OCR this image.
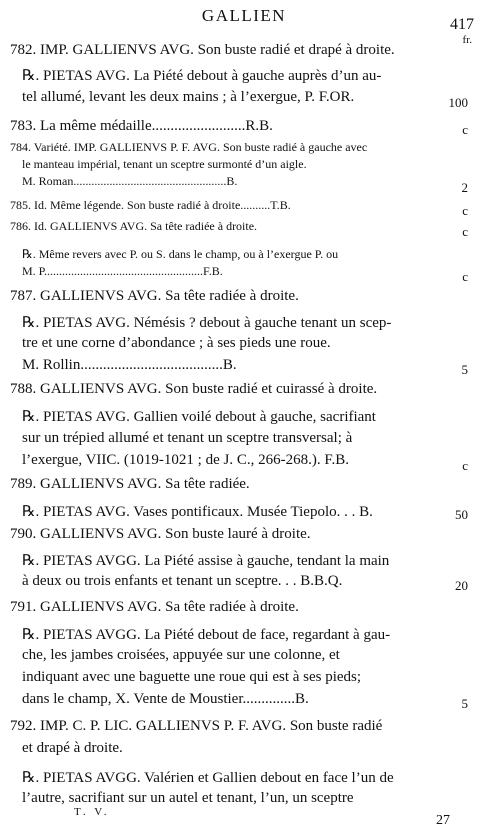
GALLIEN	417
fr.
782. IMP. GALLIENVS AVG. Son buste radié et drapé à droite.
℞. PIETAS AVG. La Piété debout à gauche auprès d’un au-
tel allumé, levant les deux mains ; à l’exergue, P. F.OR.
783. La même médaille.........................R.B.
784. Variété. IMP. GALLIENVS P. F. AVG. Son buste radié à gauche avec
le manteau impérial, tenant un sceptre surmonté d’un aigle.
M. Roman...................................................B.
785. Id. Même légende. Son buste radié à droite..........T.B.
786. Id. GALLIENVS AVG. Sa tête radiée à droite.
℞. Même revers avec P. ou S. dans le champ, ou à l’exergue P. ou
M. P.....................................................F.B.
787. GALLIENVS AVG. Sa tête radiée à droite.
℞. PIETAS AVG. Némésis ? debout à gauche tenant un scep-
tre et une corne d’abondance ; à ses pieds une roue.
M. Rollin......................................B.
788. GALLIENVS AVG. Son buste radié et cuirassé à droite.
℞. PIETAS AVG. Gallien voilé debout à gauche, sacrifiant
sur un trépied allumé et tenant un sceptre transversal; à
l’exergue, VIIC. (1019-1021 ; de J. C., 266-268.). F.B.
789. GALLIENVS AVG. Sa tête radiée.
℞. PIETAS AVG. Vases pontificaux. Musée Tiepolo. . . B.
790. GALLIENVS AVG. Son buste lauré à droite.
℞. PIETAS AVGG. La Piété assise à gauche, tendant la main
à deux ou trois enfants et tenant un sceptre. . . B.B.Q.
791. GALLIENVS AVG. Sa tête radiée à droite.
℞. PIETAS AVGG. La Piété debout de face, regardant à gau-
che, les jambes croisées, appuyée sur une colonne, et
indiquant avec une baguette une roue qui est à ses pieds;
dans le champ, X. Vente de Moustier..............B.
792. IMP. C. P. LIC. GALLIENVS P. F. AVG. Son buste radié
et drapé à droite.
℞. PIETAS AVGG. Valérien et Gallien debout en face l’un de
l’autre, sacrifiant sur un autel et tenant, l’un, un sceptre
100
c
2
c
c
c
5
c
50
20
5
T. V.
27
